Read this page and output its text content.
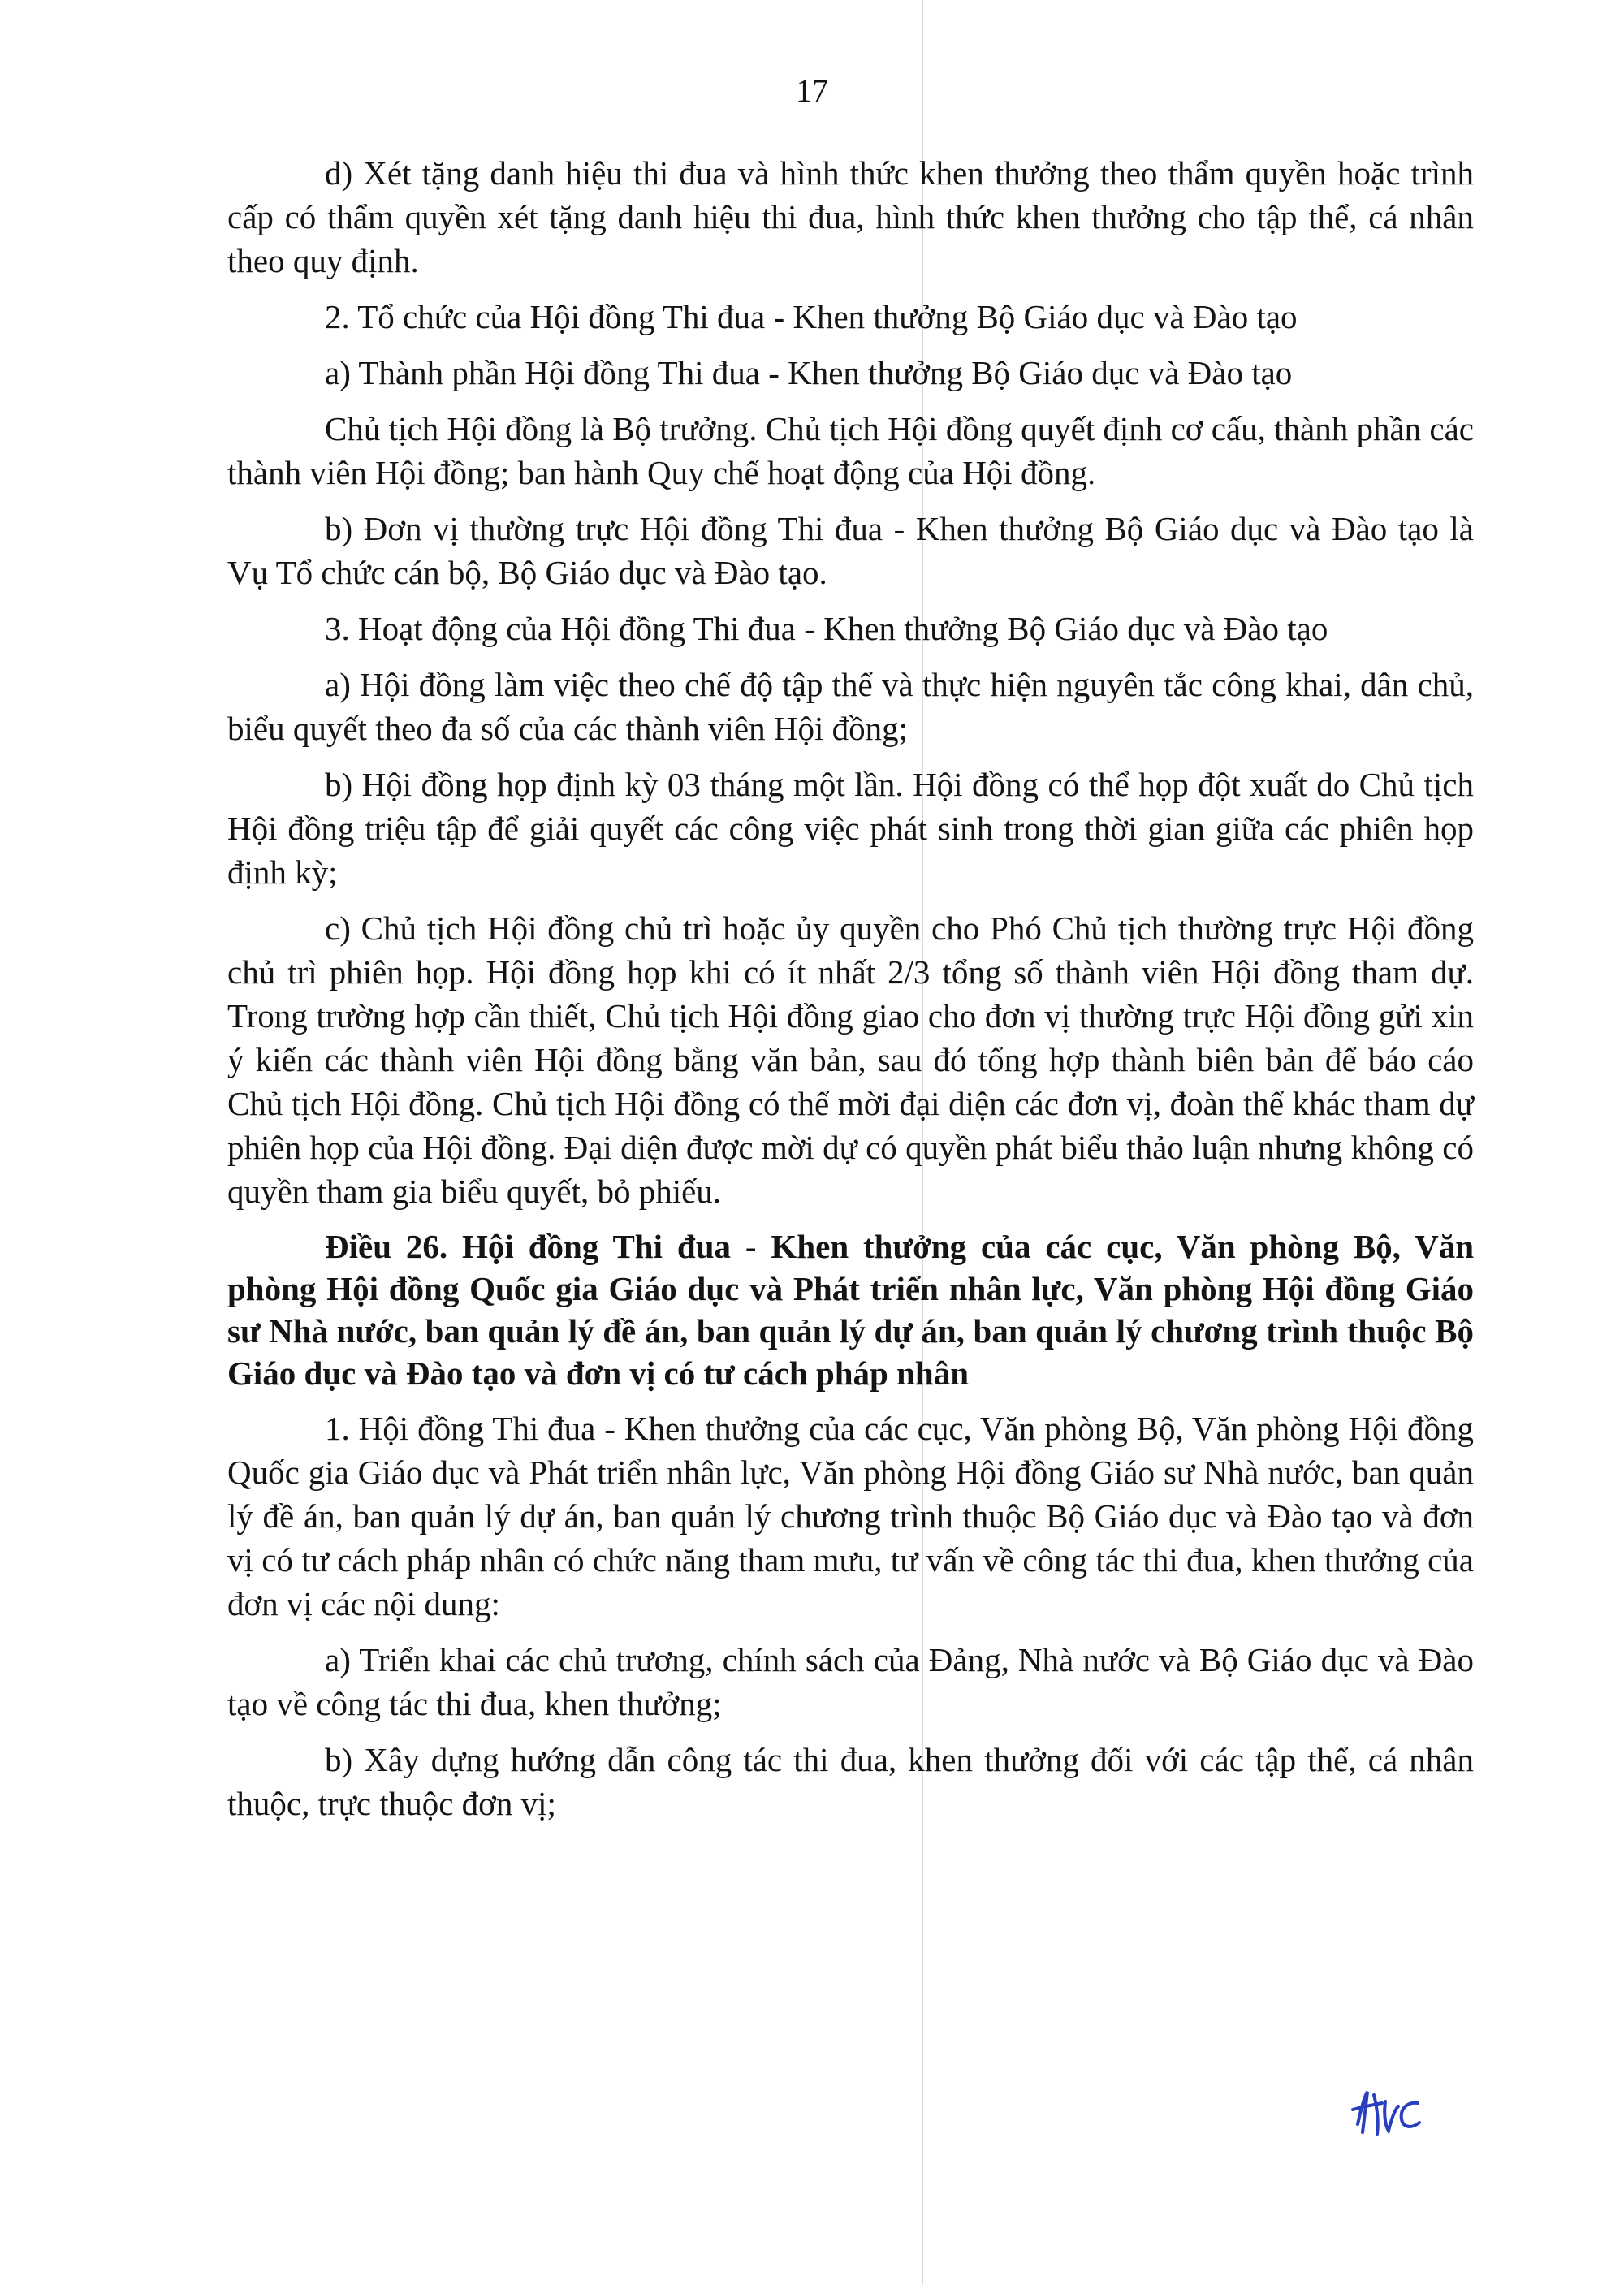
17

d) Xét tặng danh hiệu thi đua và hình thức khen thưởng theo thẩm quyền hoặc trình cấp có thẩm quyền xét tặng danh hiệu thi đua, hình thức khen thưởng cho tập thể, cá nhân theo quy định.

2. Tổ chức của Hội đồng Thi đua - Khen thưởng Bộ Giáo dục và Đào tạo

a) Thành phần Hội đồng Thi đua - Khen thưởng Bộ Giáo dục và Đào tạo

Chủ tịch Hội đồng là Bộ trưởng. Chủ tịch Hội đồng quyết định cơ cấu, thành phần các thành viên Hội đồng; ban hành Quy chế hoạt động của Hội đồng.

b) Đơn vị thường trực Hội đồng Thi đua - Khen thưởng Bộ Giáo dục và Đào tạo là Vụ Tổ chức cán bộ, Bộ Giáo dục và Đào tạo.

3. Hoạt động của Hội đồng Thi đua - Khen thưởng Bộ Giáo dục và Đào tạo

a) Hội đồng làm việc theo chế độ tập thể và thực hiện nguyên tắc công khai, dân chủ, biểu quyết theo đa số của các thành viên Hội đồng;

b) Hội đồng họp định kỳ 03 tháng một lần. Hội đồng có thể họp đột xuất do Chủ tịch Hội đồng triệu tập để giải quyết các công việc phát sinh trong thời gian giữa các phiên họp định kỳ;

c) Chủ tịch Hội đồng chủ trì hoặc ủy quyền cho Phó Chủ tịch thường trực Hội đồng chủ trì phiên họp. Hội đồng họp khi có ít nhất 2/3 tổng số thành viên Hội đồng tham dự. Trong trường hợp cần thiết, Chủ tịch Hội đồng giao cho đơn vị thường trực Hội đồng gửi xin ý kiến các thành viên Hội đồng bằng văn bản, sau đó tổng hợp thành biên bản để báo cáo Chủ tịch Hội đồng. Chủ tịch Hội đồng có thể mời đại diện các đơn vị, đoàn thể khác tham dự phiên họp của Hội đồng. Đại diện được mời dự có quyền phát biểu thảo luận nhưng không có quyền tham gia biểu quyết, bỏ phiếu.

Điều 26. Hội đồng Thi đua - Khen thưởng của các cục, Văn phòng Bộ, Văn phòng Hội đồng Quốc gia Giáo dục và Phát triển nhân lực, Văn phòng Hội đồng Giáo sư Nhà nước, ban quản lý đề án, ban quản lý dự án, ban quản lý chương trình thuộc Bộ Giáo dục và Đào tạo và đơn vị có tư cách pháp nhân

1. Hội đồng Thi đua - Khen thưởng của các cục, Văn phòng Bộ, Văn phòng Hội đồng Quốc gia Giáo dục và Phát triển nhân lực, Văn phòng Hội đồng Giáo sư Nhà nước, ban quản lý đề án, ban quản lý dự án, ban quản lý chương trình thuộc Bộ Giáo dục và Đào tạo và đơn vị có tư cách pháp nhân có chức năng tham mưu, tư vấn về công tác thi đua, khen thưởng của đơn vị các nội dung:

a) Triển khai các chủ trương, chính sách của Đảng, Nhà nước và Bộ Giáo dục và Đào tạo về công tác thi đua, khen thưởng;

b) Xây dựng hướng dẫn công tác thi đua, khen thưởng đối với các tập thể, cá nhân thuộc, trực thuộc đơn vị;
